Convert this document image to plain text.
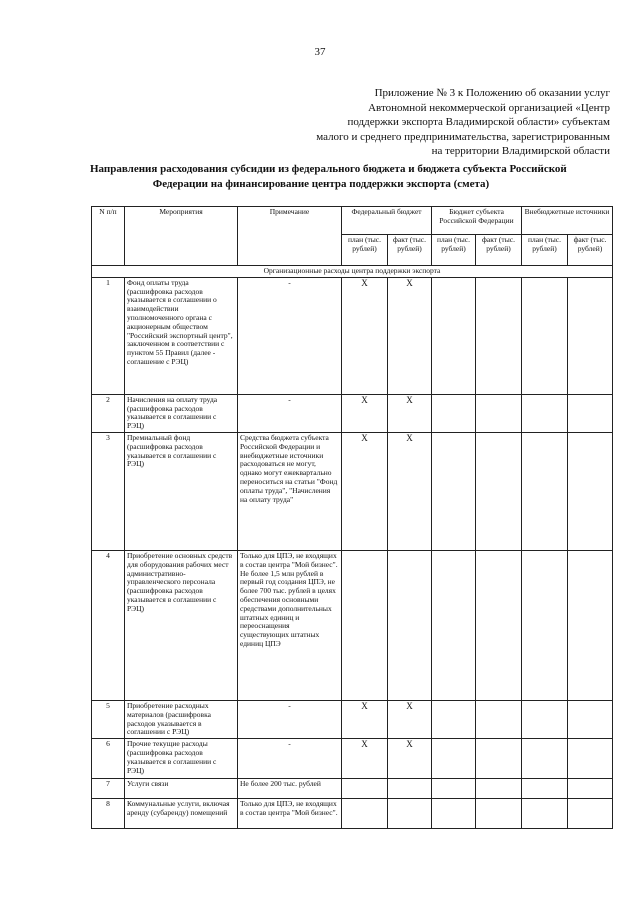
37
Приложение № 3 к Положению об оказании услуг
Автономной некоммерческой организацией «Центр
поддержки экспорта Владимирской области» субъектам
малого и среднего предпринимательства, зарегистрированным
на территории Владимирской области
Направления расходования субсидии из федерального бюджета и бюджета субъекта Российской
Федерации на финансирование центра поддержки экспорта (смета)
N п/п	Мероприятия	Примечание	Федеральный бюджет		Бюджет субъекта Российской Федерации		Внебюджетные источники	
			план (тыс. рублей)	факт (тыс. рублей)	план (тыс. рублей)	факт (тыс. рублей)	план (тыс. рублей)	факт (тыс. рублей)
Организационные расходы центра поддержки экспорта								
1	Фонд оплаты труда (расшифровка расходов указывается в соглашении о взаимодействии уполномоченного органа с акционерным обществом "Российский экспортный центр", заключенном в соответствии с пунктом 55 Правил (далее - соглашение с РЭЦ)	-	Х	Х				
2	Начисления на оплату труда (расшифровка расходов указывается в соглашении с РЭЦ)	-	Х	Х				
3	Премиальный фонд (расшифровка расходов указывается в соглашении с РЭЦ)	Средства бюджета субъекта Российской Федерации и внебюджетные источники расходоваться не могут, однако могут ежеквартально переноситься на статьи "Фонд оплаты труда", "Начисления на оплату труда"	Х	Х				
4	Приобретение основных средств для оборудования рабочих мест административно-управленческого персонала (расшифровка расходов указывается в соглашении с РЭЦ)	Только для ЦПЭ, не входящих в состав центра "Мой бизнес". Не более 1,5 млн рублей в первый год создания ЦПЭ, не более 700 тыс. рублей в целях обеспечения основными средствами дополнительных штатных единиц и переоснащения существующих штатных единиц ЦПЭ						
5	Приобретение расходных материалов (расшифровка расходов указывается в соглашении с РЭЦ)	-	Х	Х				
6	Прочие текущие расходы (расшифровка расходов указывается в соглашении с РЭЦ)	-	Х	Х				
7	Услуги связи	Не более 200 тыс. рублей						
8	Коммунальные услуги, включая аренду (субаренду) помещений	Только для ЦПЭ, не входящих в состав центра "Мой бизнес".						
